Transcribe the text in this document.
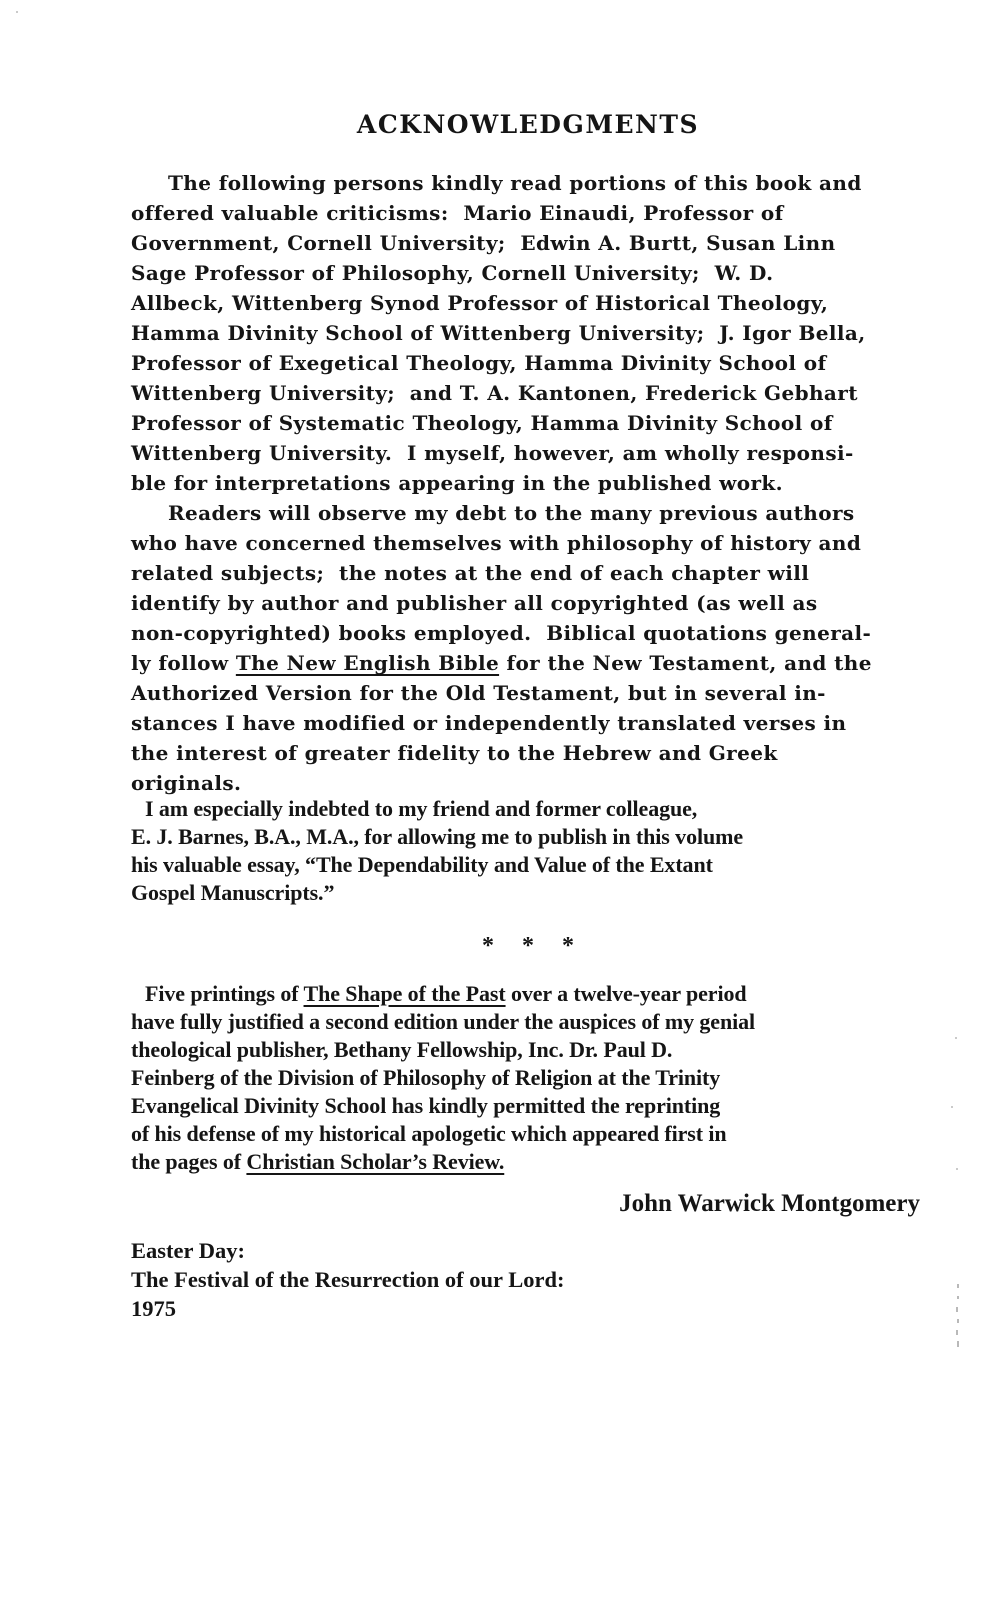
ACKNOWLEDGMENTS
The following persons kindly read portions of this book and
offered valuable criticisms:  Mario Einaudi, Professor of
Government, Cornell University;  Edwin A. Burtt, Susan Linn
Sage Professor of Philosophy, Cornell University;  W. D.
Allbeck, Wittenberg Synod Professor of Historical Theology,
Hamma Divinity School of Wittenberg University;  J. Igor Bella,
Professor of Exegetical Theology, Hamma Divinity School of
Wittenberg University;  and T. A. Kantonen, Frederick Gebhart
Professor of Systematic Theology, Hamma Divinity School of
Wittenberg University.  I myself, however, am wholly responsi-
ble for interpretations appearing in the published work.
Readers will observe my debt to the many previous authors
who have concerned themselves with philosophy of history and
related subjects;  the notes at the end of each chapter will
identify by author and publisher all copyrighted (as well as
non-copyrighted) books employed.  Biblical quotations general-
ly follow The New English Bible for the New Testament, and the
Authorized Version for the Old Testament, but in several in-
stances I have modified or independently translated verses in
the interest of greater fidelity to the Hebrew and Greek
originals.
I am especially indebted to my friend and former colleague,
E. J. Barnes, B.A., M.A., for allowing me to publish in this volume
his valuable essay, “The Dependability and Value of the Extant
Gospel Manuscripts.”
Five printings of The Shape of the Past over a twelve-year period
have fully justified a second edition under the auspices of my genial
theological publisher, Bethany Fellowship, Inc. Dr. Paul D.
Feinberg of the Division of Philosophy of Religion at the Trinity
Evangelical Divinity School has kindly permitted the reprinting
of his defense of my historical apologetic which appeared first in
the pages of Christian Scholar’s Review.
* * *
John Warwick Montgomery
Easter Day:
The Festival of the Resurrection of our Lord:
1975
